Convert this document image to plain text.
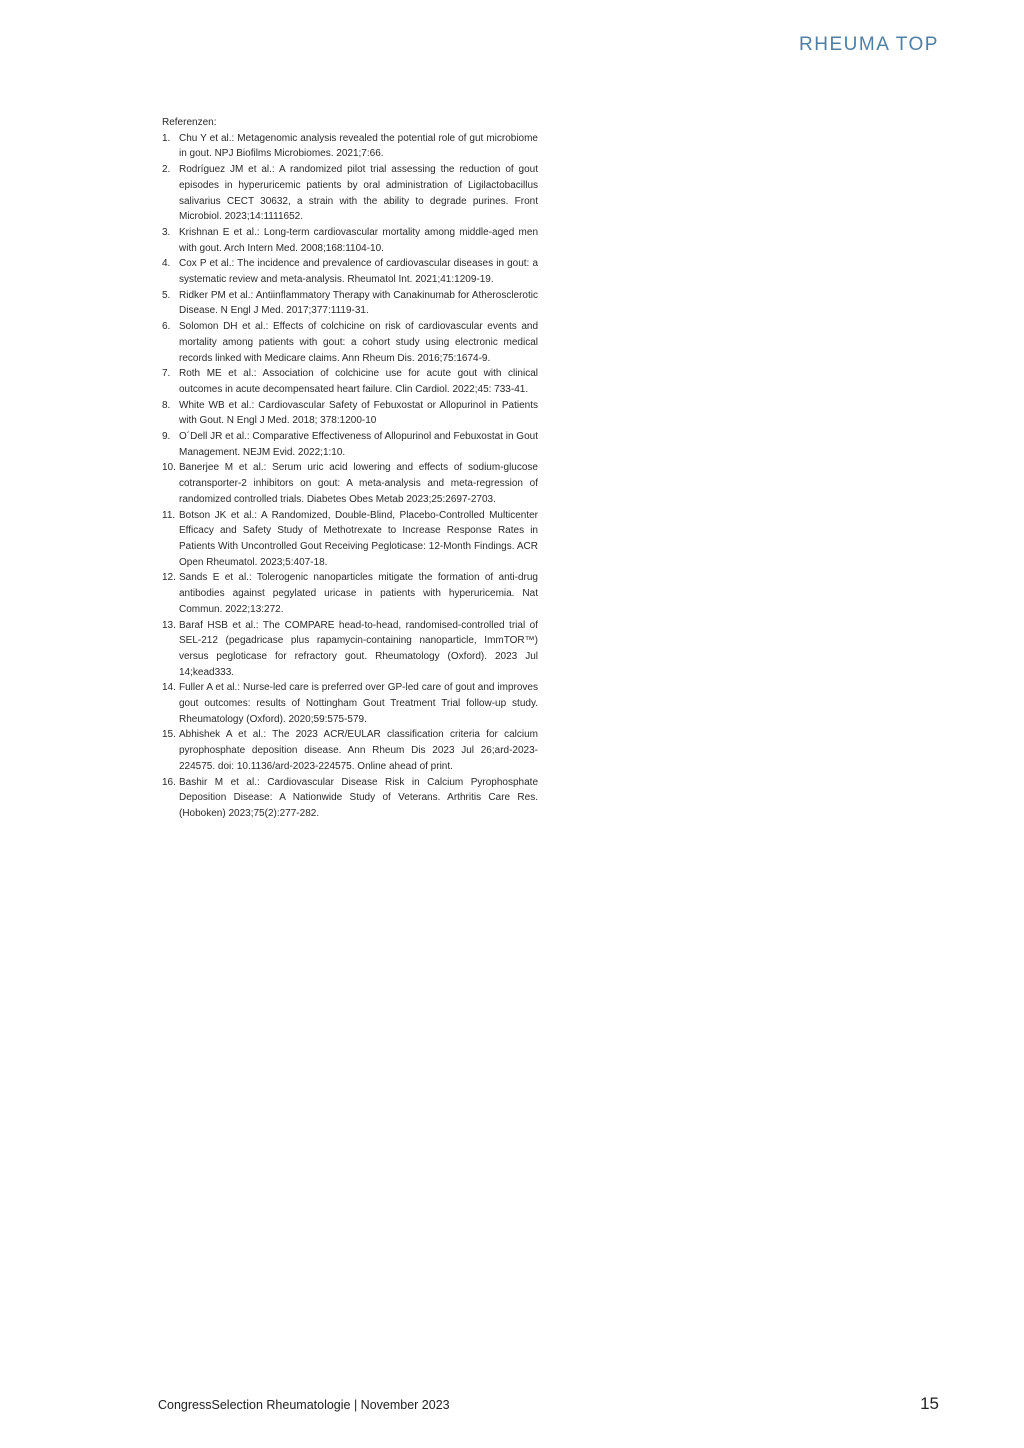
RHEUMA TOP

Referenzen:

1. Chu Y et al.: Metagenomic analysis revealed the potential role of gut microbiome in gout. NPJ Biofilms Microbiomes. 2021;7:66.
2. Rodríguez JM et al.: A randomized pilot trial assessing the reduction of gout episodes in hyperuricemic patients by oral administration of Ligilactobacillus salivarius CECT 30632, a strain with the ability to degrade purines. Front Microbiol. 2023;14:1111652.
3. Krishnan E et al.: Long-term cardiovascular mortality among middle-aged men with gout. Arch Intern Med. 2008;168:1104-10.
4. Cox P et al.: The incidence and prevalence of cardiovascular diseases in gout: a systematic review and meta-analysis. Rheumatol Int. 2021;41:1209-19.
5. Ridker PM et al.: Antiinflammatory Therapy with Canakinumab for Atherosclerotic Disease. N Engl J Med. 2017;377:1119-31.
6. Solomon DH et al.: Effects of colchicine on risk of cardiovascular events and mortality among patients with gout: a cohort study using electronic medical records linked with Medicare claims. Ann Rheum Dis. 2016;75:1674-9.
7. Roth ME et al.: Association of colchicine use for acute gout with clinical outcomes in acute decompensated heart failure. Clin Cardiol. 2022;45: 733-41.
8. White WB et al.: Cardiovascular Safety of Febuxostat or Allopurinol in Patients with Gout. N Engl J Med. 2018; 378:1200-10
9. O´Dell JR et al.: Comparative Effectiveness of Allopurinol and Febuxostat in Gout Management. NEJM Evid. 2022;1:10.
10. Banerjee M et al.: Serum uric acid lowering and effects of sodium-glucose cotransporter-2 inhibitors on gout: A meta-analysis and meta-regression of randomized controlled trials. Diabetes Obes Metab 2023;25:2697-2703.
11. Botson JK et al.: A Randomized, Double-Blind, Placebo-Controlled Multicenter Efficacy and Safety Study of Methotrexate to Increase Response Rates in Patients With Uncontrolled Gout Receiving Pegloticase: 12-Month Findings. ACR Open Rheumatol. 2023;5:407-18.
12. Sands E et al.: Tolerogenic nanoparticles mitigate the formation of anti-drug antibodies against pegylated uricase in patients with hyperuricemia. Nat Commun. 2022;13:272.
13. Baraf HSB et al.: The COMPARE head-to-head, randomised-controlled trial of SEL-212 (pegadricase plus rapamycin-containing nanoparticle, ImmTOR™) versus pegloticase for refractory gout. Rheumatology (Oxford). 2023 Jul 14;kead333.
14. Fuller A et al.: Nurse-led care is preferred over GP-led care of gout and improves gout outcomes: results of Nottingham Gout Treatment Trial follow-up study. Rheumatology (Oxford). 2020;59:575-579.
15. Abhishek A et al.: The 2023 ACR/EULAR classification criteria for calcium pyrophosphate deposition disease. Ann Rheum Dis 2023 Jul 26;ard-2023-224575. doi: 10.1136/ard-2023-224575. Online ahead of print.
16. Bashir M et al.: Cardiovascular Disease Risk in Calcium Pyrophosphate Deposition Disease: A Nationwide Study of Veterans. Arthritis Care Res. (Hoboken) 2023;75(2):277-282.
CongressSelection Rheumatologie | November 2023	15
